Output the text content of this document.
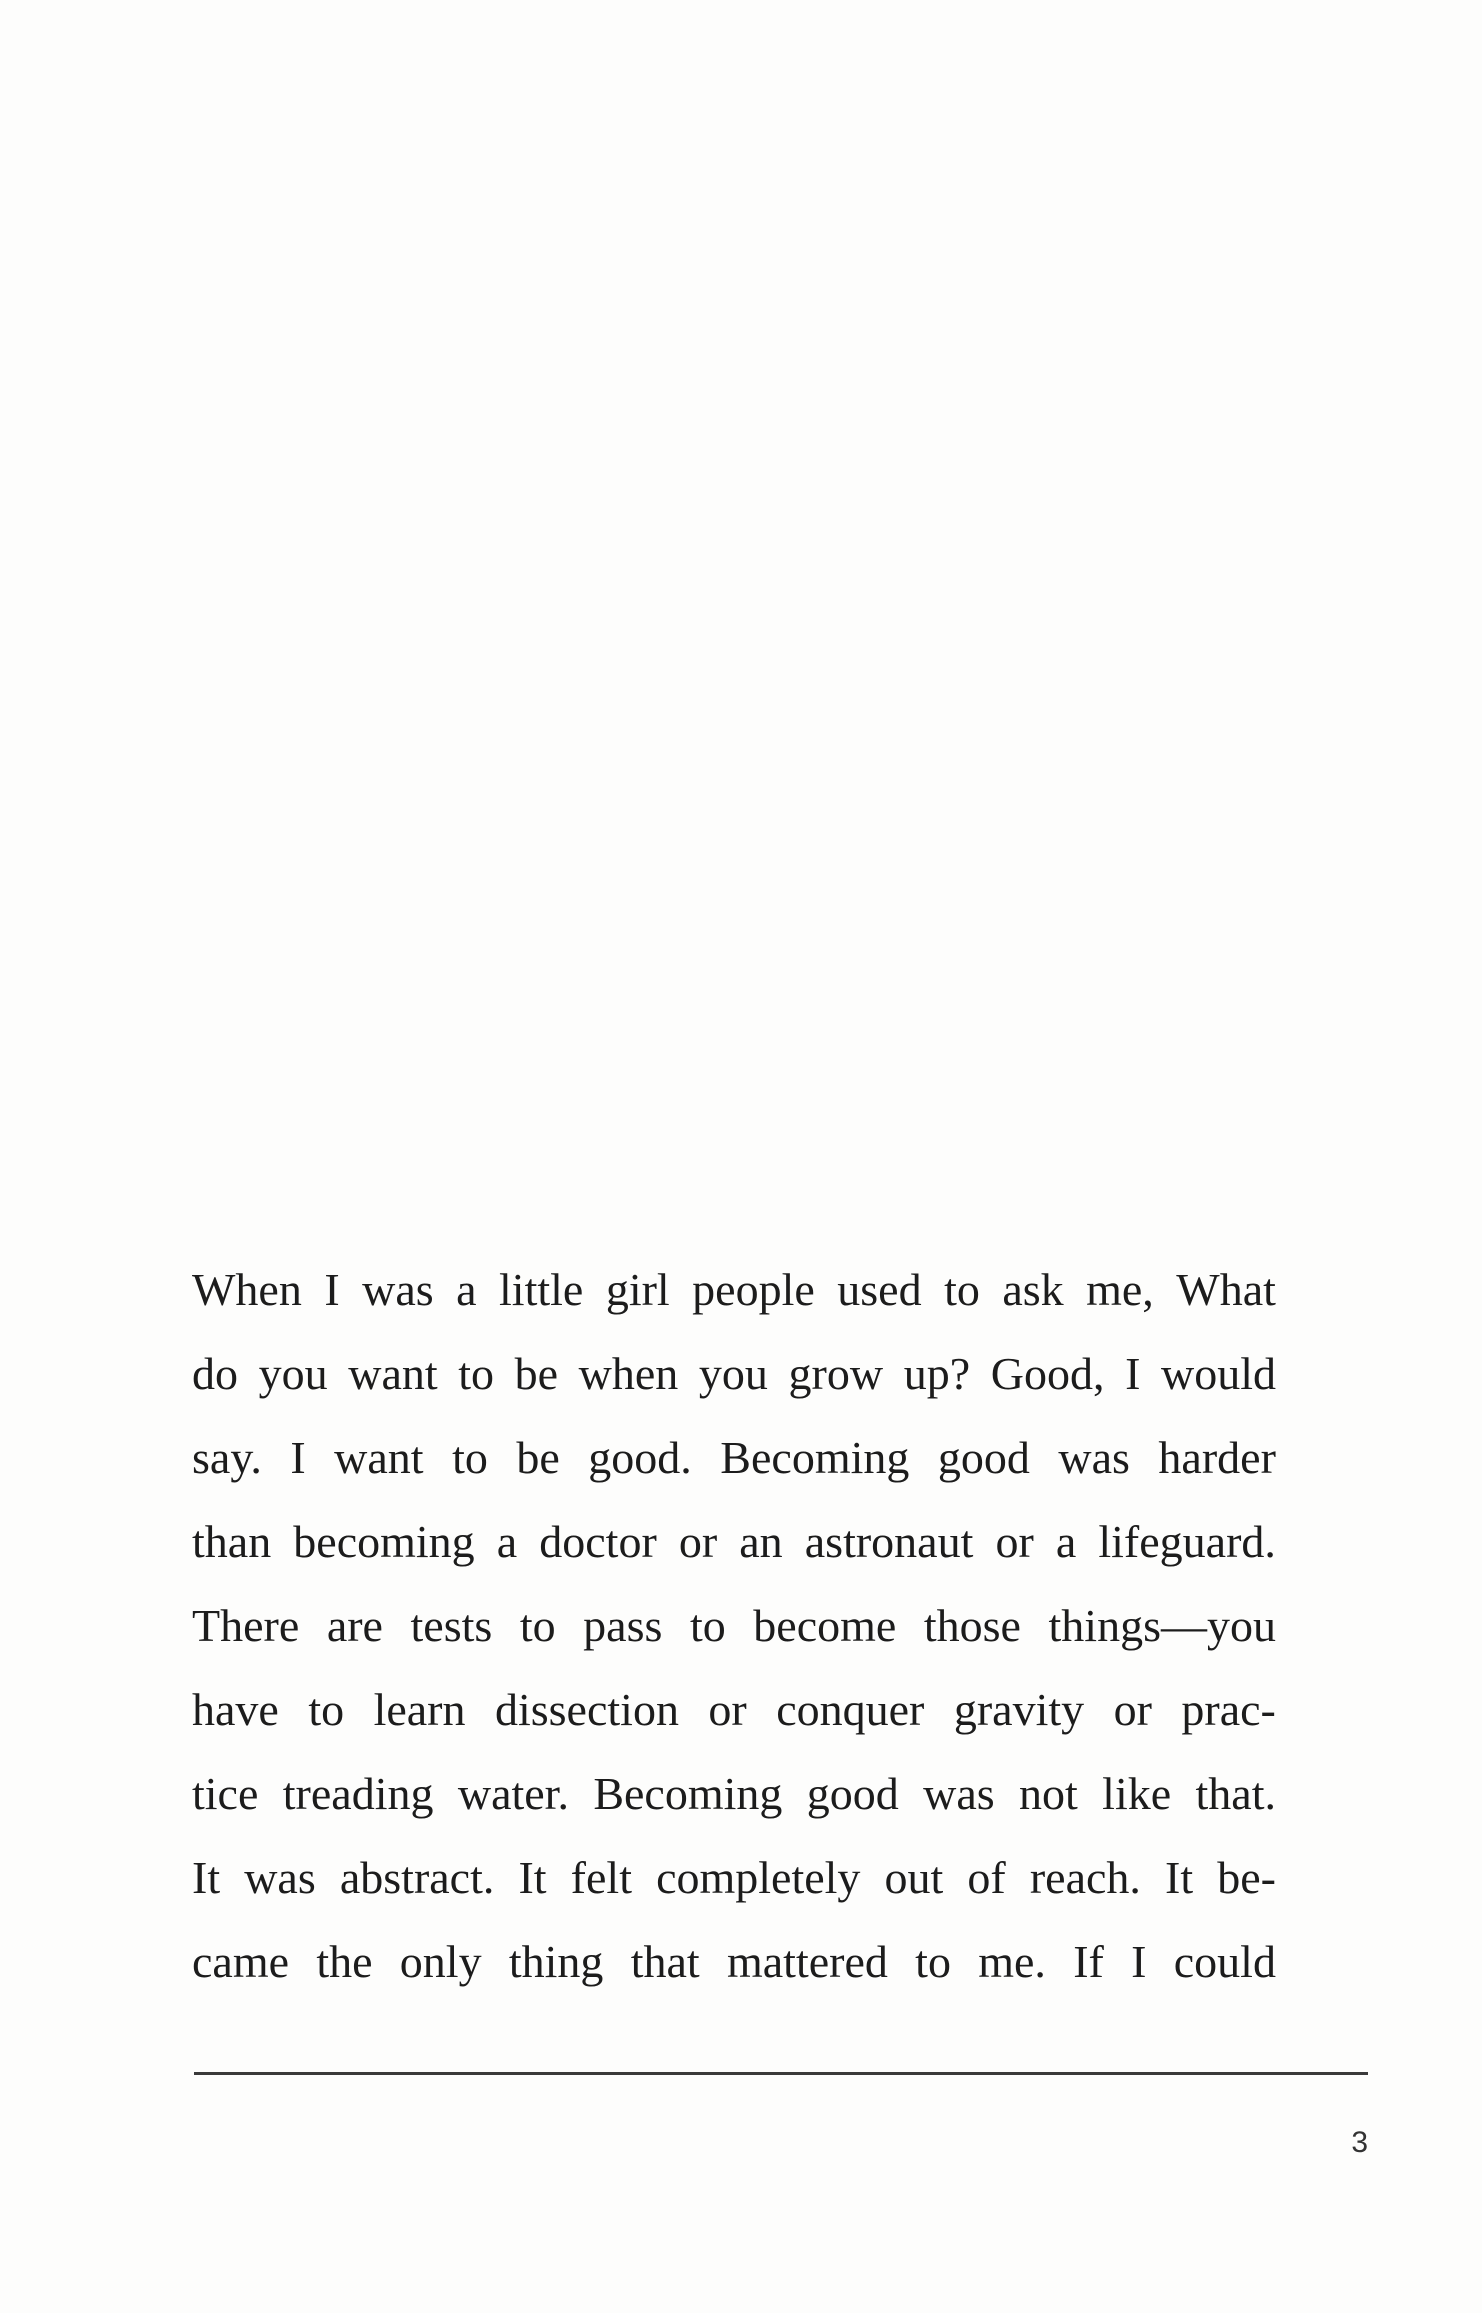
When I was a little girl people used to ask me, What
do you want to be when you grow up? Good, I would
say. I want to be good. Becoming good was harder
than becoming a doctor or an astronaut or a lifeguard.
There are tests to pass to become those things—you
have to learn dissection or conquer gravity or prac-
tice treading water. Becoming good was not like that.
It was abstract. It felt completely out of reach. It be-
came the only thing that mattered to me. If I could
3
